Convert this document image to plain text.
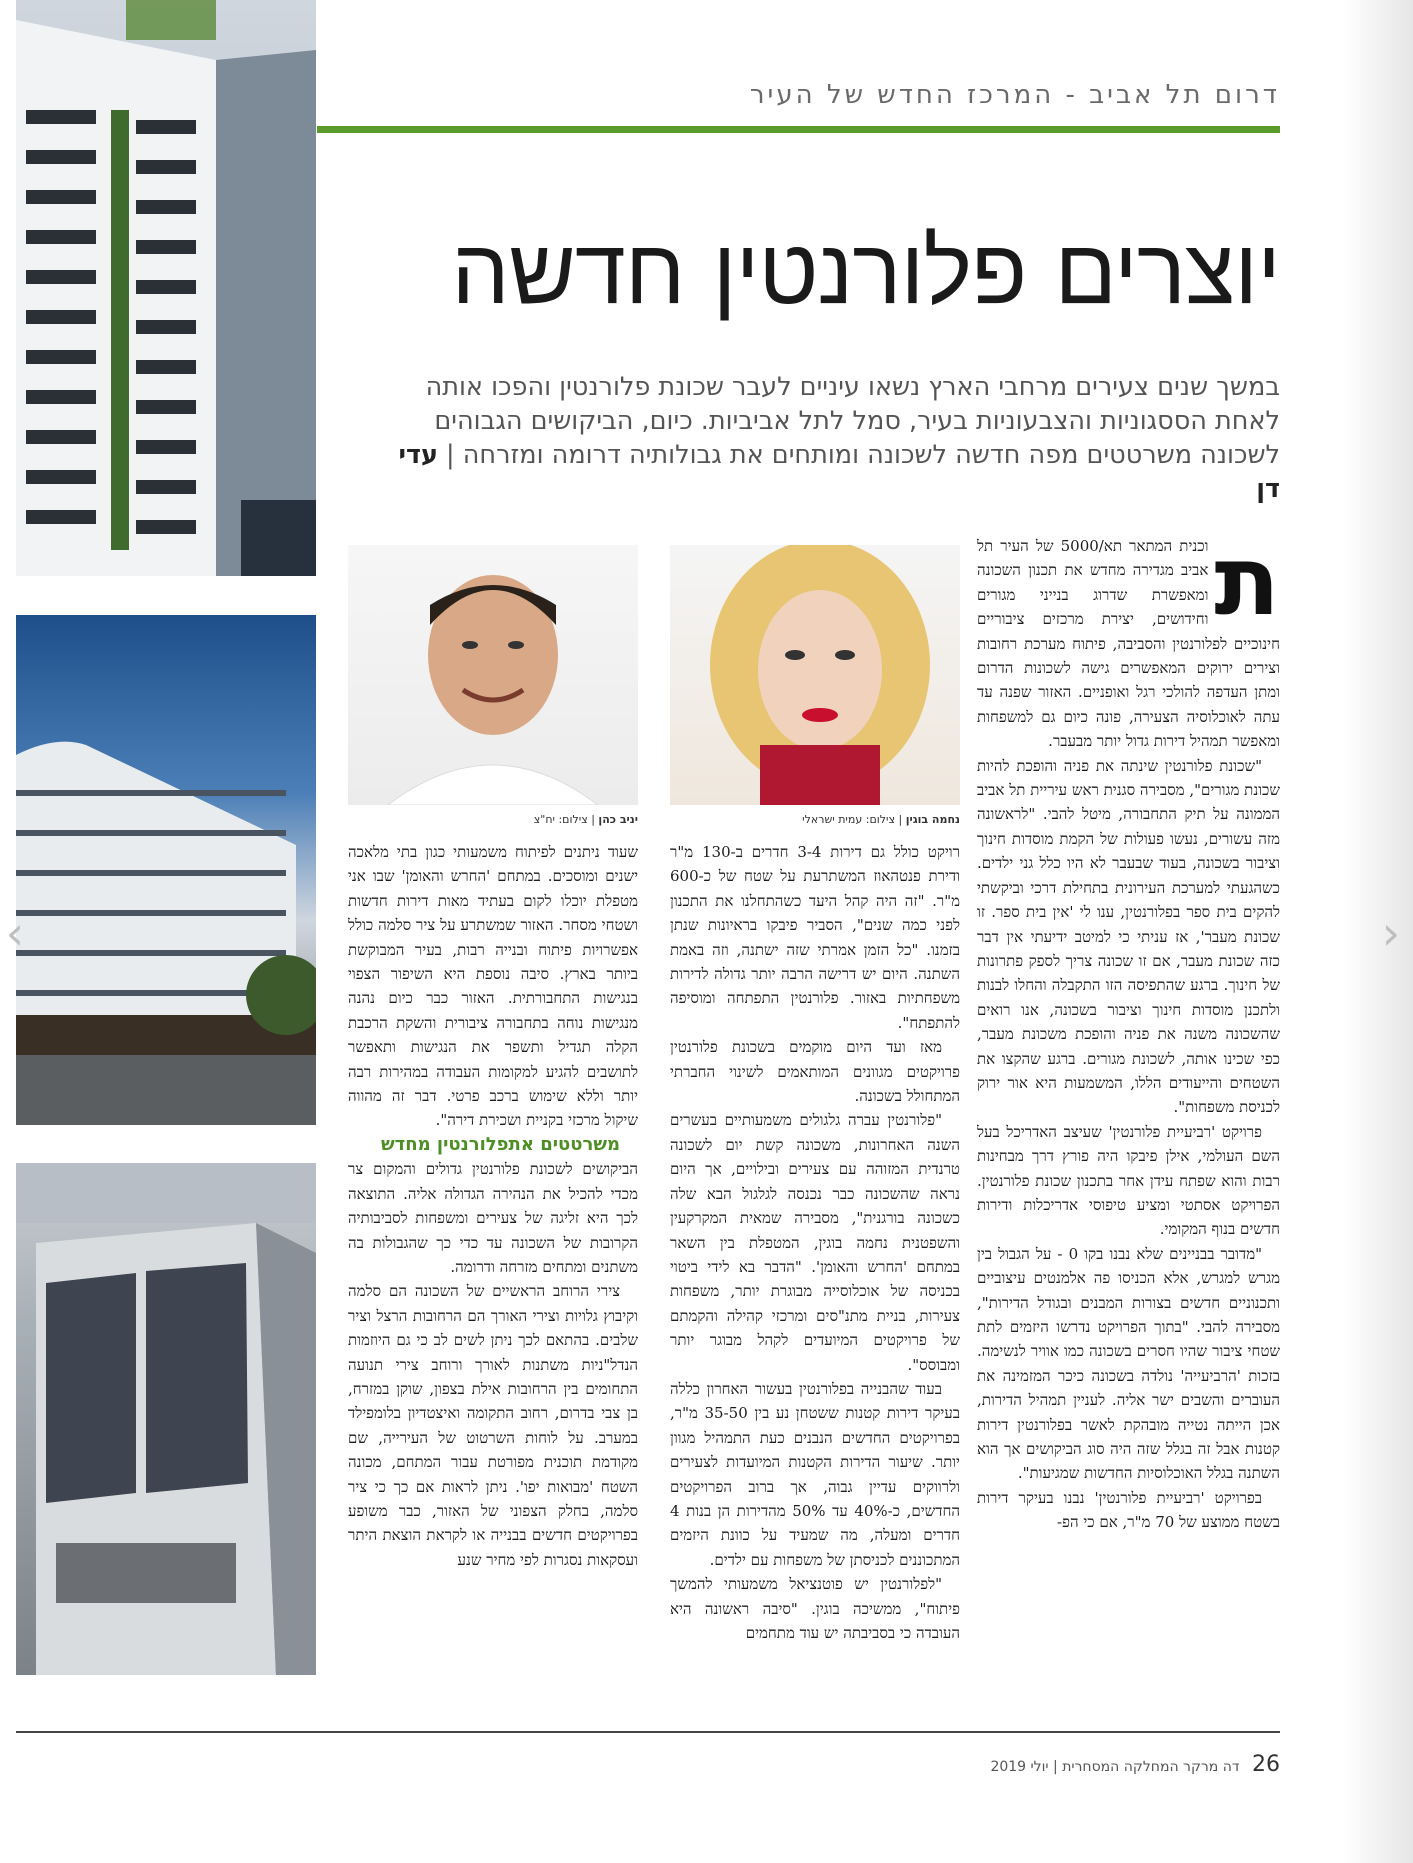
‹	›
דרום תל אביב - המרכז החדש של העיר
יוצרים פלורנטין חדשה
במשך שנים צעירים מרחבי הארץ נשאו עיניים לעבר שכונת פלורנטין והפכו אותה לאחת הססגוניות והצבעוניות בעיר, סמל לתל אביביות. כיום, הביקושים הגבוהים לשכונה משרטטים מפה חדשה לשכונה ומותחים את גבולותיה דרומה ומזרחה | עדי דן
נחמה בוגין | צילום: עמית ישראלי
יניב כהן | צילום: יח"צ
ת

וכנית המתאר תא/5000 של העיר תל אביב מגדירה מחדש את תכנון השכונה ומאפשרת שדרוג בנייני מגורים וחידושים, יצירת מרכזים ציבוריים חינוכיים לפלורנטין והסביבה, פיתוח מערכת רחובות וצירים ירוקים המאפשרים גישה לשכונות הדרום ומתן העדפה להולכי רגל ואופניים. האזור שפנה עד עתה לאוכלוסיה הצעירה, פונה כיום גם למשפחות ומאפשר תמהיל דירות גדול יותר מבעבר.

"שכונת פלורנטין שינתה את פניה והופכת להיות שכונת מגורים", מסבירה סגנית ראש עיריית תל אביב הממונה על תיק התחבורה, מיטל להבי. "לראשונה מזה עשורים, נעשו פעולות של הקמת מוסדות חינוך וציבור בשכונה, בעוד שבעבר לא היו כלל גני ילדים. כשהגעתי למערכת העירונית בתחילת דרכי וביקשתי להקים בית ספר בפלורנטין, ענו לי 'אין בית ספר. זו שכונת מעבר', אז עניתי כי למיטב ידיעתי אין דבר כזה שכונת מעבר, אם זו שכונה צריך לספק פתרונות של חינוך. ברגע שהתפיסה הזו התקבלה והחלו לבנות ולתכנן מוסדות חינוך וציבור בשכונה, אנו רואים שהשכונה משנה את פניה והופכת משכונת מעבר, כפי שכינו אותה, לשכונת מגורים. ברגע שהקצו את השטחים והייעודים הללו, המשמעות היא אור ירוק לכניסת משפחות".

פרויקט 'רביעיית פלורנטין' שעיצב האדריכל בעל השם העולמי, אילן פיבקו היה פורץ דרך מבחינות רבות והוא שפתח עידן אחר בתכנון שכונת פלורנטין. הפרויקט אסתטי ומציע טיפוסי אדריכלות ודירות חדשים בנוף המקומי.

"מדובר בבניינים שלא נבנו בקו 0 - על הגבול בין מגרש למגרש, אלא הכניסו פה אלמנטים עיצוביים ותכנוניים חדשים בצורות המבנים ובגודל הדירות", מסבירה להבי. "בתוך הפרויקט נדרשו היזמים לתת שטחי ציבור שהיו חסרים בשכונה כמו אוויר לנשימה. בזכות 'הרביעייה' נולדה בשכונה כיכר המזמינה את העוברים והשבים ישר אליה. לעניין תמהיל הדירות, אכן הייתה נטייה מובהקת לאשר בפלורנטין דירות קטנות אבל זה בגלל שזה היה סוג הביקושים אך הוא השתנה בגלל האוכלוסיות החדשות שמגיעות".

בפרויקט 'רביעיית פלורנטין' נבנו בעיקר דירות בשטח ממוצע של 70 מ"ר, אם כי הפ-

רויקט כולל גם דירות 3-4 חדרים ב-130 מ"ר ודירת פנטהאוז המשתרעת על שטח של כ-600 מ"ר. "זה היה קהל היעד כשהתחלנו את התכנון לפני כמה שנים", הסביר פיבקו בראיונות שנתן בזמנו. "כל הזמן אמרתי שזה ישתנה, וזה באמת השתנה. היום יש דרישה הרבה יותר גדולה לדירות משפחתיות באזור. פלורנטין התפתחה ומוסיפה להתפתח".

מאז ועד היום מוקמים בשכונת פלורנטין פרויקטים מגוונים המותאמים לשינוי החברתי המתחולל בשכונה.

"פלורנטין עברה גלגולים משמעותיים בעשרים השנה האחרונות, משכונה קשת יום לשכונה טרנדית המזוהה עם צעירים ובילויים, אך היום נראה שהשכונה כבר נכנסה לגלגול הבא שלה כשכונה בורגנית", מסבירה שמאית המקרקעין והשפטנית נחמה בוגין, המטפלת בין השאר במתחם 'החרש והאומן'. "הדבר בא לידי ביטוי בכניסה של אוכלוסייה מבוגרת יותר, משפחות צעירות, בניית מתנ"סים ומרכזי קהילה והקמתם של פרויקטים המיועדים לקהל מבוגר יותר ומבוסס".

בעוד שהבנייה בפלורנטין בעשור האחרון כללה בעיקר דירות קטנות ששטחן נע בין 35-50 מ"ר, בפרויקטים החדשים הנבנים כעת התמהיל מגוון יותר. שיעור הדירות הקטנות המיועדות לצעירים ולרווקים עדיין גבוה, אך ברוב הפרויקטים החדשים, כ-40% עד 50% מהדירות הן בנות 4 חדרים ומעלה, מה שמעיד על כוונת היזמים המתכוננים לכניסתן של משפחות עם ילדים.

"לפלורנטין יש פוטנציאל משמעותי להמשך פיתוח", ממשיכה בוגין. "סיבה ראשונה היא העובדה כי בסביבתה יש עוד מתחמים

שעוד ניתנים לפיתוח משמעותי כגון בתי מלאכה ישנים ומוסכים. במתחם 'החרש והאומן' שבו אני מטפלת יוכלו לקום בעתיד מאות דירות חדשות ושטחי מסחר. האזור שמשתרע על ציר סלמה כולל אפשרויות פיתוח ובנייה רבות, בעיר המבוקשת ביותר בארץ. סיבה נוספת היא השיפור הצפוי בנגישות התחבורתית. האזור כבר כיום נהנה מנגישות נוחה בתחבורה ציבורית והשקת הרכבת הקלה תגדיל ותשפר את הנגישות ותאפשר לתושבים להגיע למקומות העבודה במהירות רבה יותר וללא שימוש ברכב פרטי. דבר זה מהווה שיקול מרכזי בקניית ושכירת דירה".

משרטטים אתפלורנטין מחדש

הביקושים לשכונת פלורנטין גדולים והמקום צר מכדי להכיל את הנהירה הגדולה אליה. התוצאה לכך היא זליגה של צעירים ומשפחות לסביבותיה הקרובות של השכונה עד כדי כך שהגבולות בה משתנים ומתחים מזרחה ודרומה.

צירי הרוחב הראשיים של השכונה הם סלמה וקיבוץ גלויות וצירי האורך הם הרחובות הרצל וציר שלבים. בהתאם לכך ניתן לשים לב כי גם היוזמות הנדל"ניות משתנות לאורך ורוחב צירי תנועה התחומים בין הרחובות אילת בצפון, שוקן במזרח, בן צבי בדרום, רחוב התקומה ואיצטדיון בלומפילד במערב. על לוחות השרטוט של העירייה, שם מקודמת תוכנית מפורטת עבור המתחם, מכונה השטח 'מבואות יפו'. ניתן לראות אם כך כי ציר סלמה, בחלק הצפוני של האזור, כבר משופע בפרויקטים חדשים בבנייה או לקראת הוצאת היתר ועסקאות נסגרות לפי מחיר שנע

26 דה מרקר המחלקה המסחרית | יולי 2019
